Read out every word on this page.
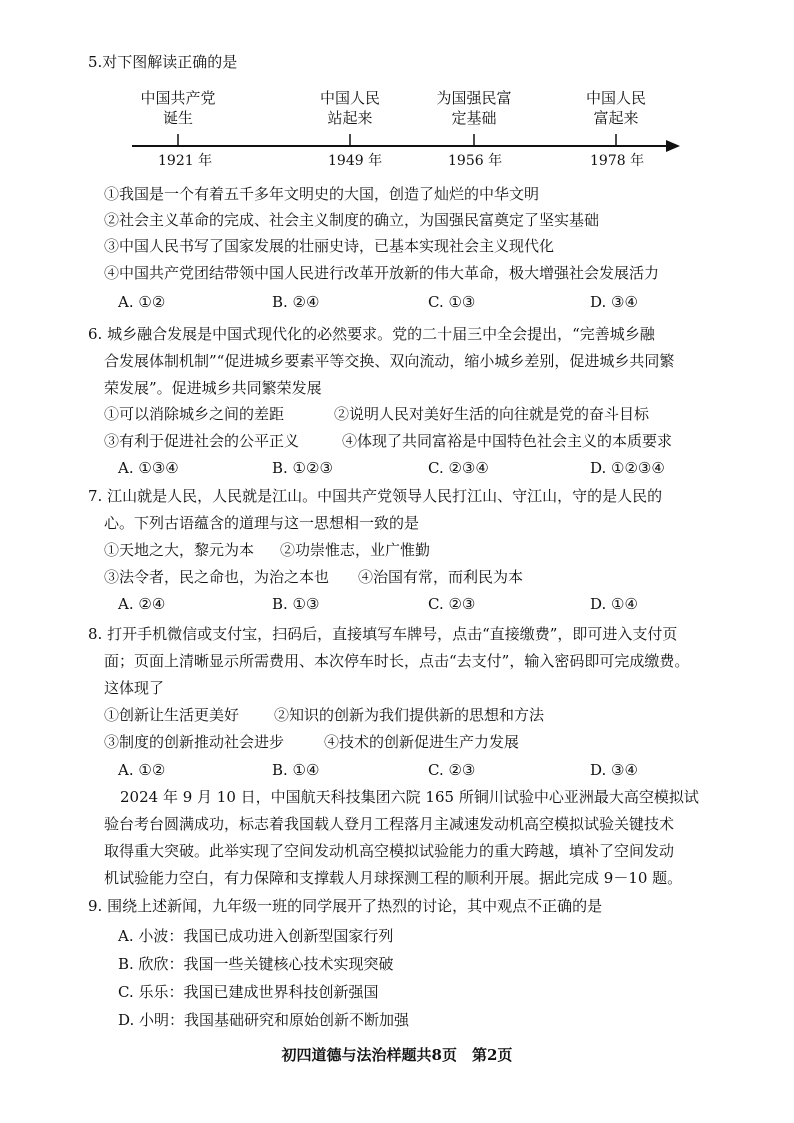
5.对下图解读正确的是
中国共产党
诞生
中国人民
站起来
为国强民富
定基础
中国人民
富起来
1921 年	1949 年	1956 年	1978 年
①我国是一个有着五千多年文明史的大国，创造了灿烂的中华文明
②社会主义革命的完成、社会主义制度的确立，为国强民富奠定了坚实基础
③中国人民书写了国家发展的壮丽史诗，已基本实现社会主义现代化
④中国共产党团结带领中国人民进行改革开放新的伟大革命，极大增强社会发展活力
A. ①②	B. ②④	C. ①③	D. ③④
6. 城乡融合发展是中国式现代化的必然要求。党的二十届三中全会提出，“完善城乡融
合发展体制机制”“促进城乡要素平等交换、双向流动，缩小城乡差别，促进城乡共同繁
荣发展”。促进城乡共同繁荣发展
①可以消除城乡之间的差距	②说明人民对美好生活的向往就是党的奋斗目标
③有利于促进社会的公平正义	④体现了共同富裕是中国特色社会主义的本质要求
A. ①③④	B. ①②③	C. ②③④	D. ①②③④
7. 江山就是人民，人民就是江山。中国共产党领导人民打江山、守江山，守的是人民的
心。下列古语蕴含的道理与这一思想相一致的是
①天地之大，黎元为本 ②功崇惟志，业广惟勤
③法令者，民之命也，为治之本也 ④治国有常，而利民为本
A. ②④	B. ①③	C. ②③	D. ①④
8. 打开手机微信或支付宝，扫码后，直接填写车牌号，点击“直接缴费”，即可进入支付页
面；页面上清晰显示所需费用、本次停车时长，点击“去支付”，输入密码即可完成缴费。
这体现了
①创新让生活更美好 ②知识的创新为我们提供新的思想和方法
③制度的创新推动社会进步	④技术的创新促进生产力发展
A. ①②	B. ①④	C. ②③	D. ③④
2024 年 9 月 10 日，中国航天科技集团六院 165 所铜川试验中心亚洲最大高空模拟试
验台考台圆满成功，标志着我国载人登月工程落月主减速发动机高空模拟试验关键技术
取得重大突破。此举实现了空间发动机高空模拟试验能力的重大跨越，填补了空间发动
机试验能力空白，有力保障和支撑载人月球探测工程的顺利开展。据此完成 9－10 题。
9. 围绕上述新闻，九年级一班的同学展开了热烈的讨论，其中观点不正确的是
A. 小波：我国已成功进入创新型国家行列
B. 欣欣：我国一些关键核心技术实现突破
C. 乐乐：我国已建成世界科技创新强国
D. 小明：我国基础研究和原始创新不断加强
初四道德与法治样题共8页　第2页
